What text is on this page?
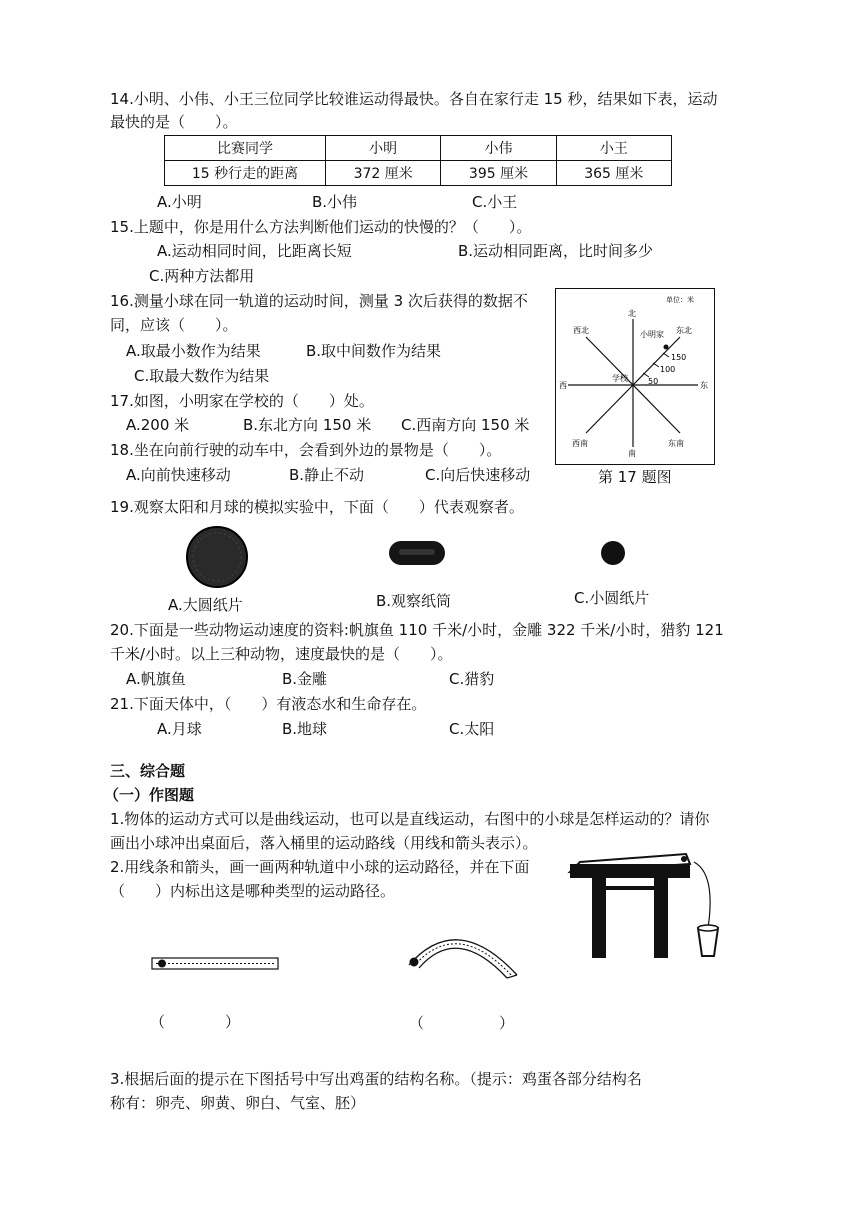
14.小明、小伟、小王三位同学比较谁运动得最快。各自在家行走 15 秒，结果如下表，运动
最快的是（　　）。
比赛同学	小明	小伟	小王
15 秒行走的距离	372 厘米	395 厘米	365 厘米
A.小明	B.小伟	C.小王
15.上题中，你是用什么方法判断他们运动的快慢的？（　　）。
A.运动相同时间，比距离长短	B.运动相同距离，比时间多少
C.两种方法都用
16.测量小球在同一轨道的运动时间，测量 3 次后获得的数据不
同，应该（　　）。
A.取最小数作为结果	B.取中间数作为结果
C.取最大数作为结果
17.如图，小明家在学校的（　　）处。
A.200 米	B.东北方向 150 米 C.西南方向 150 米
单位：米
北
南
东
西
东北
西北
东南
西南
小明家
学校
150
100
50
第 17 题图
18.坐在向前行驶的动车中，会看到外边的景物是（　　）。
A.向前快速移动	B.静止不动	C.向后快速移动
19.观察太阳和月球的模拟实验中，下面（　　）代表观察者。
A.大圆纸片	B.观察纸筒	C.小圆纸片
20.下面是一些动物运动速度的资料:帆旗鱼 110 千米/小时，金雕 322 千米/小时，猎豹 121
千米/小时。以上三种动物，速度最快的是（　　）。
A.帆旗鱼	B.金雕	C.猎豹
21.下面天体中，（　　）有液态水和生命存在。
A.月球	B.地球	C.太阳
三、综合题
（一）作图题
1.物体的运动方式可以是曲线运动，也可以是直线运动，右图中的小球是怎样运动的？请你
画出小球冲出桌面后，落入桶里的运动路线（用线和箭头表示）。
2.用线条和箭头，画一画两种轨道中小球的运动路径，并在下面
（　　）内标出这是哪种类型的运动路径。
（　　　　）	（　　　　　）
3.根据后面的提示在下图括号中写出鸡蛋的结构名称。（提示：鸡蛋各部分结构名
称有：卵壳、卵黄、卵白、气室、胚）
